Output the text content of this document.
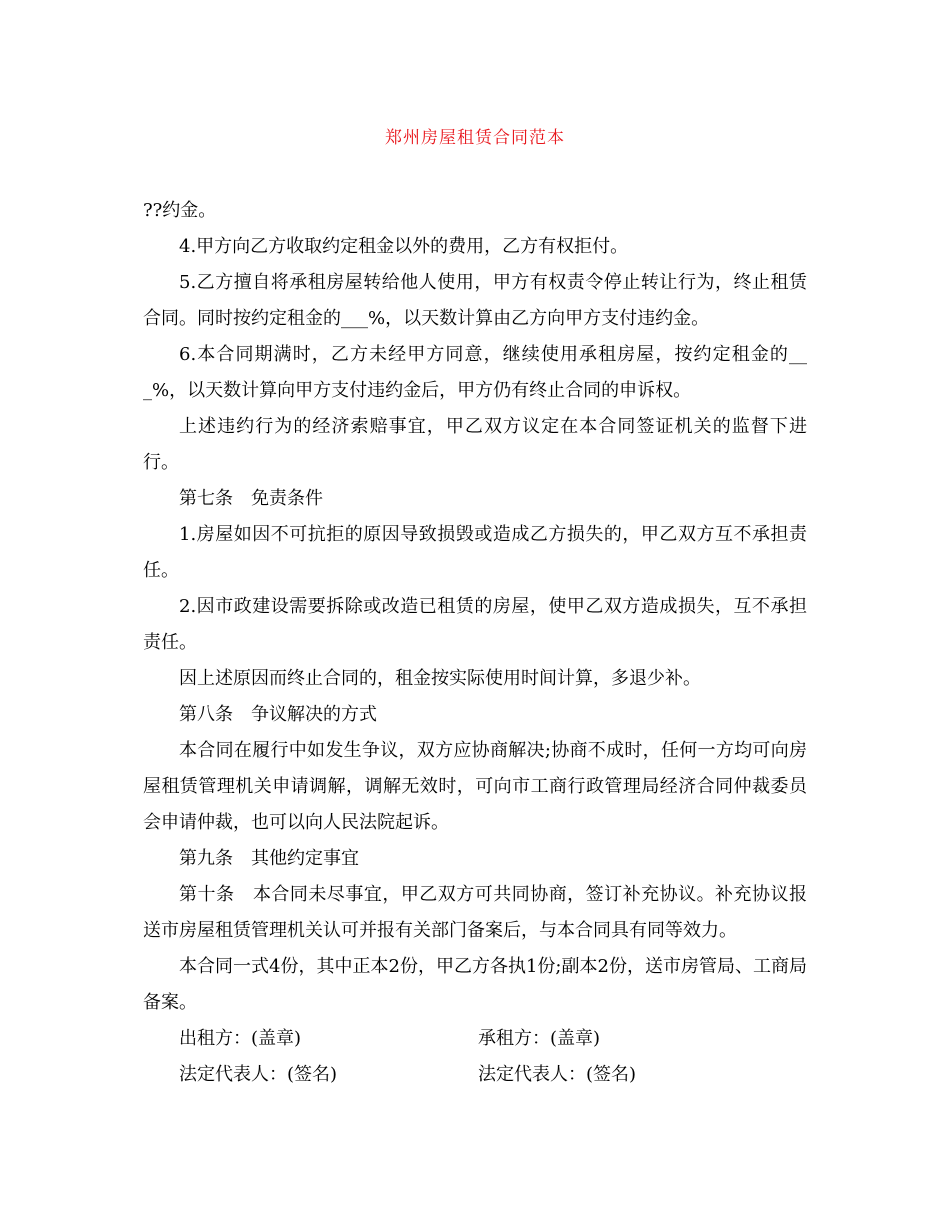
郑州房屋租赁合同范本

??约金。

4.甲方向乙方收取约定租金以外的费用，乙方有权拒付。

5.乙方擅自将承租房屋转给他人使用，甲方有权责令停止转让行为，终止租赁合同。同时按约定租金的___%，以天数计算由乙方向甲方支付违约金。

6.本合同期满时，乙方未经甲方同意，继续使用承租房屋，按约定租金的___%，以天数计算向甲方支付违约金后，甲方仍有终止合同的申诉权。

上述违约行为的经济索赔事宜，甲乙双方议定在本合同签证机关的监督下进行。

第七条　免责条件

1.房屋如因不可抗拒的原因导致损毁或造成乙方损失的，甲乙双方互不承担责任。

2.因市政建设需要拆除或改造已租赁的房屋，使甲乙双方造成损失，互不承担责任。

因上述原因而终止合同的，租金按实际使用时间计算，多退少补。

第八条　争议解决的方式

本合同在履行中如发生争议，双方应协商解决;协商不成时，任何一方均可向房屋租赁管理机关申请调解，调解无效时，可向市工商行政管理局经济合同仲裁委员会申请仲裁，也可以向人民法院起诉。

第九条　其他约定事宜

第十条　本合同未尽事宜，甲乙双方可共同协商，签订补充协议。补充协议报送市房屋租赁管理机关认可并报有关部门备案后，与本合同具有同等效力。

本合同一式4份，其中正本2份，甲乙方各执1份;副本2份，送市房管局、工商局备案。

出租方：(盖章)	承租方：(盖章)
法定代表人：(签名)	法定代表人：(签名)
